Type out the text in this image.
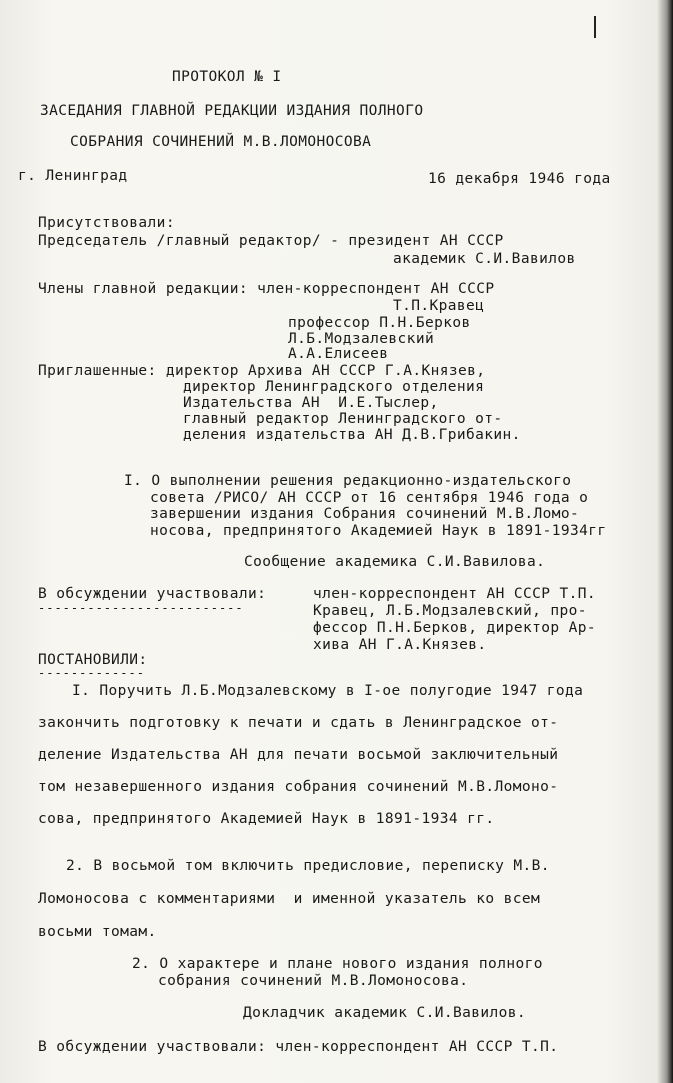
ПРОТОКОЛ № I
ЗАСЕДАНИЯ ГЛАВНОЙ РЕДАКЦИИ ИЗДАНИЯ ПОЛНОГО
СОБРАНИЯ СОЧИНЕНИЙ М.В.ЛОМОНОСОВА
г. Ленинград	16 декабря 1946 года
Присутствовали:
Председатель /главный редактор/ - президент АН СССР
академик С.И.Вавилов
Члены главной редакции: член-корреспондент АН СССР
Т.П.Кравец
профессор П.Н.Берков
Л.Б.Модзалевский
А.А.Елисеев
Приглашенные: директор Архива АН СССР Г.А.Князев,
директор Ленинградского отделения
Издательства АН  И.Е.Тыслер,
главный редактор Ленинградского от-
деления издательства АН Д.В.Грибакин.
I. О выполнении решения редакционно-издательского
совета /РИСО/ АН СССР от 16 сентября 1946 года о
завершении издания Собрания сочинений М.В.Ломо-
носова, предпринятого Академией Наук в 1891-1934гг
Сообщение академика С.И.Вавилова.
В обсуждении участвовали:
-------------------------
член-корреспондент АН СССР Т.П.
Кравец, Л.Б.Модзалевский, про-
фессор П.Н.Берков, директор Ар-
хива АН Г.А.Князев.
ПОСТАНОВИЛИ:
-------------
I. Поручить Л.Б.Модзалевскому в I-ое полугодие 1947 года
закончить подготовку к печати и сдать в Ленинградское от-
деление Издательства АН для печати восьмой заключительный
том незавершенного издания собрания сочинений М.В.Ломоно-
сова, предпринятого Академией Наук в 1891-1934 гг.
2. В восьмой том включить предисловие, переписку М.В.
Ломоносова с комментариями  и именной указатель ко всем
восьми томам.
2. О характере и плане нового издания полного
собрания сочинений М.В.Ломоносова.
Докладчик академик С.И.Вавилов.
В обсуждении участвовали: член-корреспондент АН СССР Т.П.
